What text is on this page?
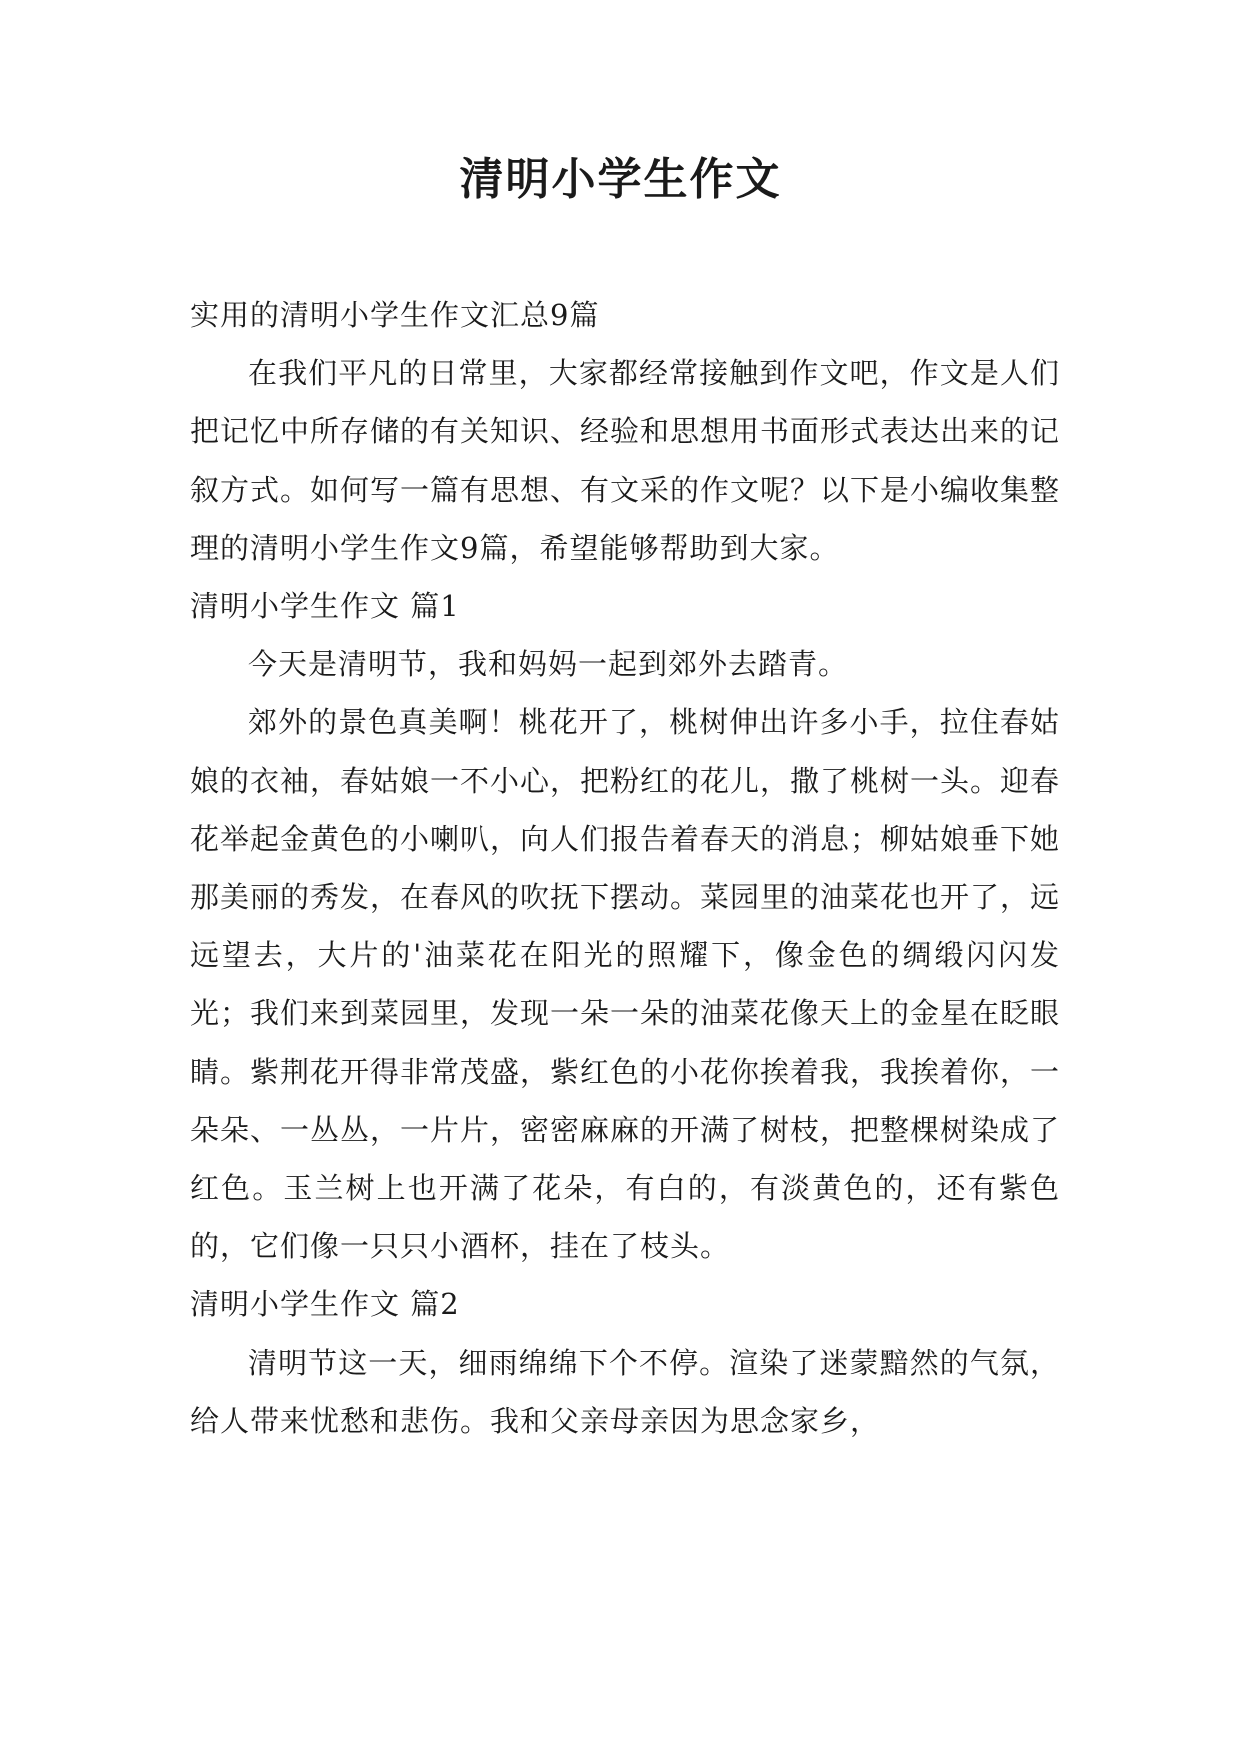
清明小学生作文

实用的清明小学生作文汇总9篇

在我们平凡的日常里，大家都经常接触到作文吧，作文是人们把记忆中所存储的有关知识、经验和思想用书面形式表达出来的记叙方式。如何写一篇有思想、有文采的作文呢？以下是小编收集整理的清明小学生作文9篇，希望能够帮助到大家。

清明小学生作文 篇1

今天是清明节，我和妈妈一起到郊外去踏青。

郊外的景色真美啊！桃花开了，桃树伸出许多小手，拉住春姑娘的衣袖，春姑娘一不小心，把粉红的花儿，撒了桃树一头。迎春花举起金黄色的小喇叭，向人们报告着春天的消息；柳姑娘垂下她那美丽的秀发，在春风的吹抚下摆动。菜园里的油菜花也开了，远远望去，大片的'油菜花在阳光的照耀下，像金色的绸缎闪闪发光；我们来到菜园里，发现一朵一朵的油菜花像天上的金星在眨眼睛。紫荆花开得非常茂盛，紫红色的小花你挨着我，我挨着你，一朵朵、一丛丛，一片片，密密麻麻的开满了树枝，把整棵树染成了红色。玉兰树上也开满了花朵，有白的，有淡黄色的，还有紫色的，它们像一只只小酒杯，挂在了枝头。

清明小学生作文 篇2

清明节这一天，细雨绵绵下个不停。渲染了迷蒙黯然的气氛，给人带来忧愁和悲伤。我和父亲母亲因为思念家乡，
